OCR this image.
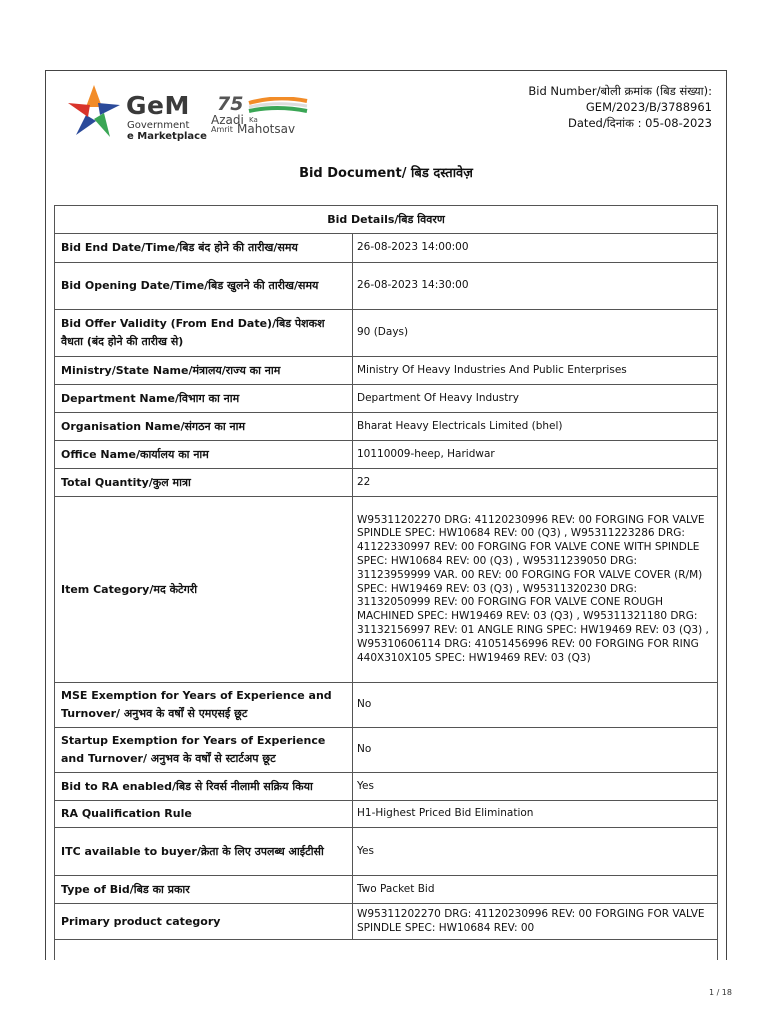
GeM
Government
e Marketplace
75
Azadi Ka
Amrit Mahotsav
Bid Number/बोली क्रमांक (बिड संख्या):
GEM/2023/B/3788961
Dated/दिनांक : 05-08-2023
Bid Document/ बिड दस्तावेज़
Bid Details/बिड विवरण	
Bid End Date/Time/बिड बंद होने की तारीख/समय	26-08-2023 14:00:00
Bid Opening Date/Time/बिड खुलने की तारीख/समय	26-08-2023 14:30:00
Bid Offer Validity (From End Date)/बिड पेशकश वैधता (बंद होने की तारीख से)	90 (Days)
Ministry/State Name/मंत्रालय/राज्य का नाम	Ministry Of Heavy Industries And Public Enterprises
Department Name/विभाग का नाम	Department Of Heavy Industry
Organisation Name/संगठन का नाम	Bharat Heavy Electricals Limited (bhel)
Office Name/कार्यालय का नाम	10110009-heep, Haridwar
Total Quantity/कुल मात्रा	22
Item Category/मद केटेगरी	W95311202270 DRG: 41120230996 REV: 00 FORGING FOR VALVE SPINDLE SPEC: HW10684 REV: 00 (Q3) , W95311223286 DRG: 41122330997 REV: 00 FORGING FOR VALVE CONE WITH SPINDLE SPEC: HW10684 REV: 00 (Q3) , W95311239050 DRG: 31123959999 VAR. 00 REV: 00 FORGING FOR VALVE COVER (R/M) SPEC: HW19469 REV: 03 (Q3) , W95311320230 DRG: 31132050999 REV: 00 FORGING FOR VALVE CONE ROUGH MACHINED SPEC: HW19469 REV: 03 (Q3) , W95311321180 DRG: 31132156997 REV: 01 ANGLE RING SPEC: HW19469 REV: 03 (Q3) , W95310606114 DRG: 41051456996 REV: 00 FORGING FOR RING 440X310X105 SPEC: HW19469 REV: 03 (Q3)
MSE Exemption for Years of Experience and Turnover/ अनुभव के वर्षों से एमएसई छूट	No
Startup Exemption for Years of Experience and Turnover/ अनुभव के वर्षों से स्टार्टअप छूट	No
Bid to RA enabled/बिड से रिवर्स नीलामी सक्रिय किया	Yes
RA Qualification Rule	H1-Highest Priced Bid Elimination
ITC available to buyer/क्रेता के लिए उपलब्ध आईटीसी	Yes
Type of Bid/बिड का प्रकार	Two Packet Bid
Primary product category	W95311202270 DRG: 41120230996 REV: 00 FORGING FOR VALVE SPINDLE SPEC: HW10684 REV: 00

1 / 18
